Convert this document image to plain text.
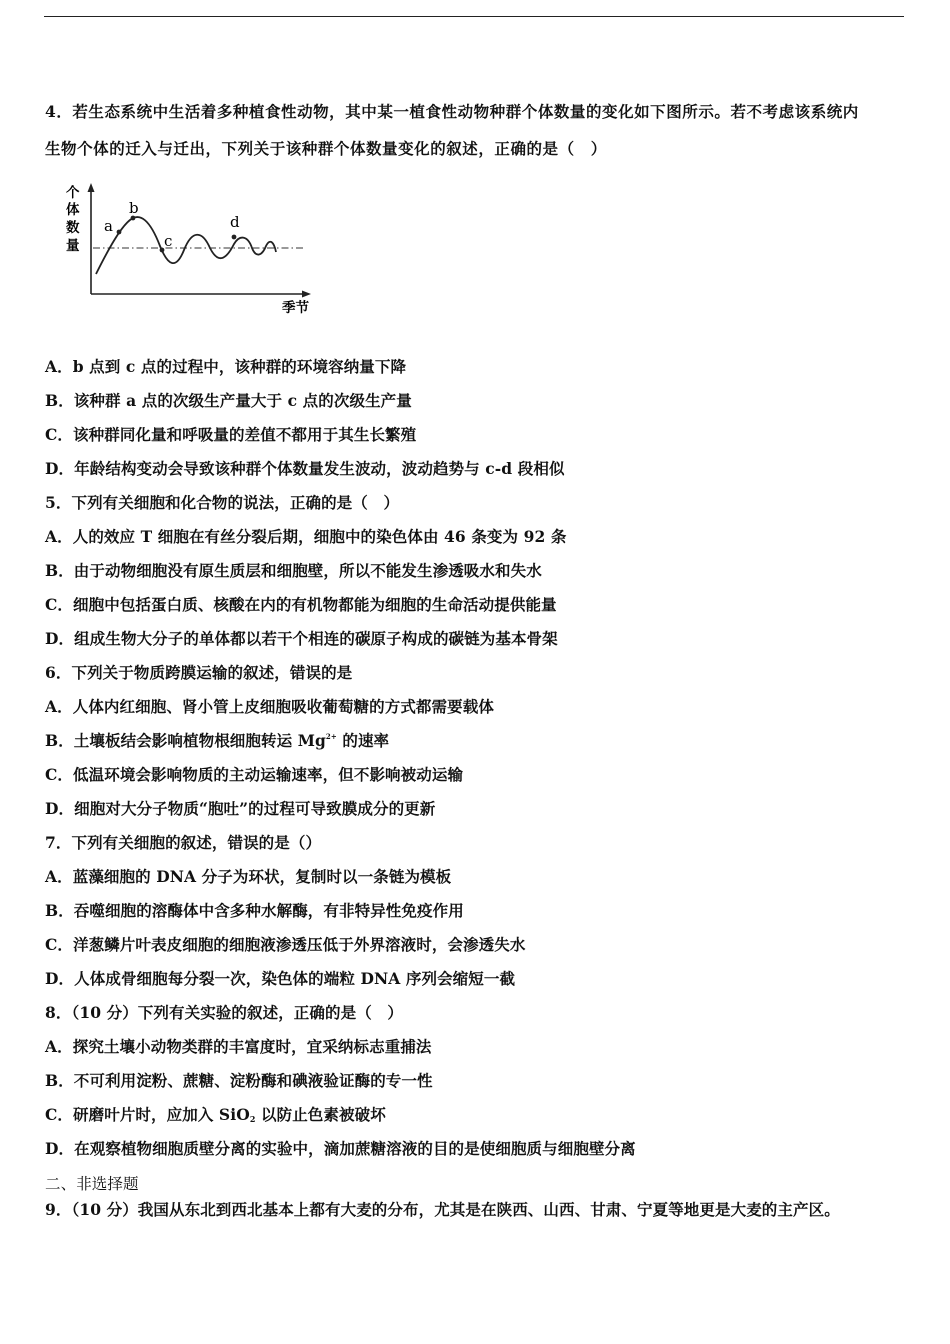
4．若生态系统中生活着多种植食性动物，其中某一植食性动物种群个体数量的变化如下图所示。若不考虑该系统内
生物个体的迁入与迁出，下列关于该种群个体数量变化的叙述，正确的是（　）
a
b
c
d
个
体
数
量
季节
A．b 点到 c 点的过程中，该种群的环境容纳量下降
B．该种群 a 点的次级生产量大于 c 点的次级生产量
C．该种群同化量和呼吸量的差值不都用于其生长繁殖
D．年龄结构变动会导致该种群个体数量发生波动，波动趋势与 c-d 段相似
5．下列有关细胞和化合物的说法，正确的是（　）
A．人的效应 T 细胞在有丝分裂后期，细胞中的染色体由 46 条变为 92 条
B．由于动物细胞没有原生质层和细胞壁，所以不能发生渗透吸水和失水
C．细胞中包括蛋白质、核酸在内的有机物都能为细胞的生命活动提供能量
D．组成生物大分子的单体都以若干个相连的碳原子构成的碳链为基本骨架
6．下列关于物质跨膜运输的叙述，错误的是
A．人体内红细胞、肾小管上皮细胞吸收葡萄糖的方式都需要载体
B．土壤板结会影响植物根细胞转运 $Mg^{2+}$ 的速率
C．低温环境会影响物质的主动运输速率，但不影响被动运输
D．细胞对大分子物质“胞吐”的过程可导致膜成分的更新
7．下列有关细胞的叙述，错误的是（）
A．蓝藻细胞的 DNA 分子为环状，复制时以一条链为模板
B．吞噬细胞的溶酶体中含多种水解酶，有非特异性免疫作用
C．洋葱鳞片叶表皮细胞的细胞液渗透压低于外界溶液时，会渗透失水
D．人体成骨细胞每分裂一次，染色体的端粒 DNA 序列会缩短一截
8．（10 分）下列有关实验的叙述，正确的是（　）
A．探究土壤小动物类群的丰富度时，宜采纳标志重捕法
B．不可利用淀粉、蔗糖、淀粉酶和碘液验证酶的专一性
C．研磨叶片时，应加入 SiO$_2$ 以防止色素被破坏
D．在观察植物细胞质壁分离的实验中，滴加蔗糖溶液的目的是使细胞质与细胞壁分离
二、非选择题
9．（10 分）我国从东北到西北基本上都有大麦的分布，尤其是在陕西、山西、甘肃、宁夏等地更是大麦的主产区。
